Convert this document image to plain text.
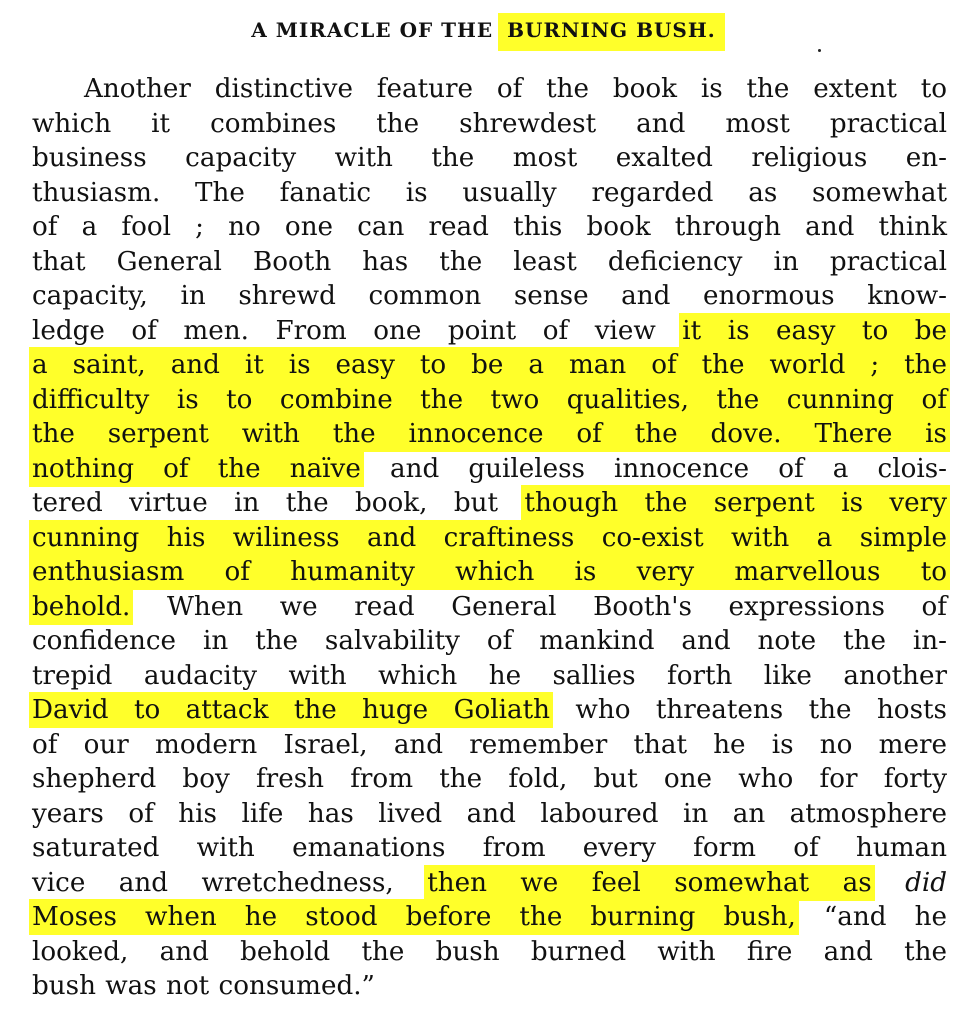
A MIRACLE OF THE BURNING BUSH.
Another distinctive feature of the book is the extent to
which it combines the shrewdest and most practical
business capacity with the most exalted religious en-
thusiasm. The fanatic is usually regarded as somewhat
of a fool ; no one can read this book through and think
that General Booth has the least deficiency in practical
capacity, in shrewd common sense and enormous know-
ledge of men. From one point of view it is easy to be
a saint, and it is easy to be a man of the world ; the
difficulty is to combine the two qualities, the cunning of
the serpent with the innocence of the dove. There is
nothing of the naïve and guileless innocence of a clois-
tered virtue in the book, but though the serpent is very
cunning his wiliness and craftiness co-exist with a simple
enthusiasm of humanity which is very marvellous to
behold. When we read General Booth's expressions of
confidence in the salvability of mankind and note the in-
trepid audacity with which he sallies forth like another
David to attack the huge Goliath who threatens the hosts
of our modern Israel, and remember that he is no mere
shepherd boy fresh from the fold, but one who for forty
years of his life has lived and laboured in an atmosphere
saturated with emanations from every form of human
vice and wretchedness, then we feel somewhat as did
Moses when he stood before the burning bush, “and he
looked, and behold the bush burned with fire and the
bush was not consumed.”
